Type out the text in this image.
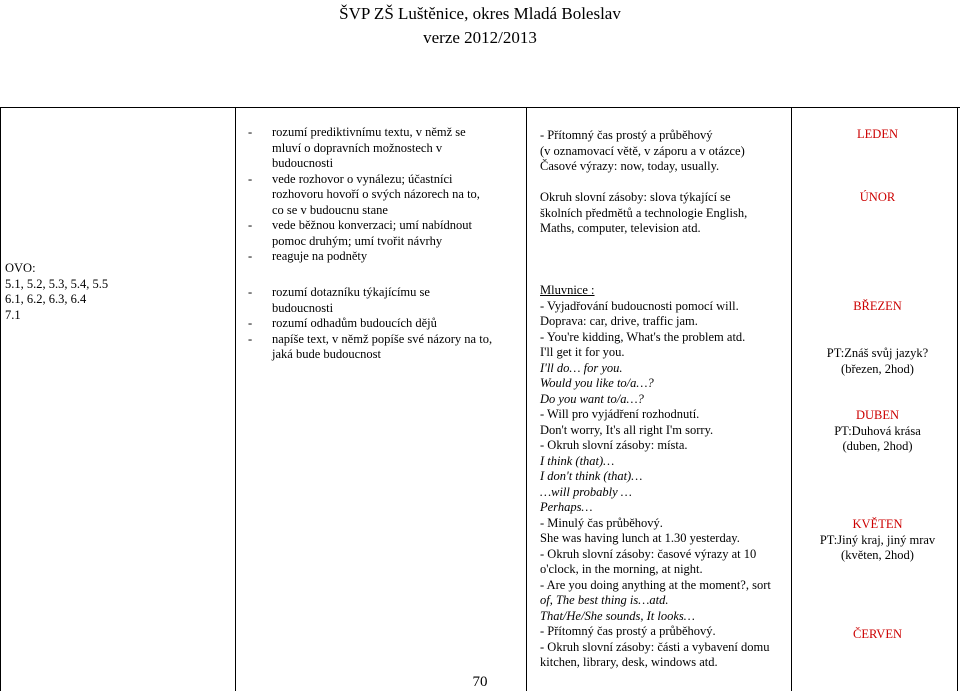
ŠVP ZŠ Luštěnice, okres Mladá Boleslav
verze 2012/2013
OVO:
5.1, 5.2, 5.3, 5.4, 5.5
6.1, 6.2, 6.3, 6.4
7.1
- rozumí prediktivnímu textu, v němž se
mluví o dopravních možnostech v
budoucnosti
- vede rozhovor o vynálezu; účastníci
rozhovoru hovoří o svých názorech na to,
co se v budoucnu stane
- vede běžnou konverzaci; umí nabídnout
pomoc druhým; umí tvořit návrhy
- reaguje na podněty
- rozumí dotazníku týkajícímu se
budoucnosti
- rozumí odhadům budoucích dějů
- napíše text, v němž popíše své názory na to,
jaká bude budoucnost
- Přítomný čas prostý a průběhový
(v oznamovací větě, v záporu a v otázce)
Časové výrazy: now, today, usually.
Okruh slovní zásoby: slova týkající se
školních předmětů a technologie English,
Maths, computer, television atd.
Mluvnice :
- Vyjadřování budoucnosti pomocí will.
Doprava: car, drive, traffic jam.
- You're kidding, What's the problem atd.
I'll get it for you.
I'll do… for you.
Would you like to/a…?
Do you want to/a…?
- Will pro vyjádření rozhodnutí.
Don't worry, It's all right I'm sorry.
- Okruh slovní zásoby: místa.
I think (that)…
I don't think (that)…
…will probably …
Perhaps…
- Minulý čas průběhový.
She was having lunch at 1.30 yesterday.
- Okruh slovní zásoby: časové výrazy at 10
o'clock, in the morning, at night.
- Are you doing anything at the moment?, sort
of, The best thing is…atd.
That/He/She sounds, It looks…
- Přítomný čas prostý a průběhový.
- Okruh slovní zásoby: části a vybavení domu
kitchen, library, desk, windows atd.
LEDEN
ÚNOR
BŘEZEN
PT:Znáš svůj jazyk?
(březen, 2hod)
DUBEN
PT:Duhová krása
(duben, 2hod)
KVĚTEN
PT:Jiný kraj, jiný mrav
(květen, 2hod)
ČERVEN
70
